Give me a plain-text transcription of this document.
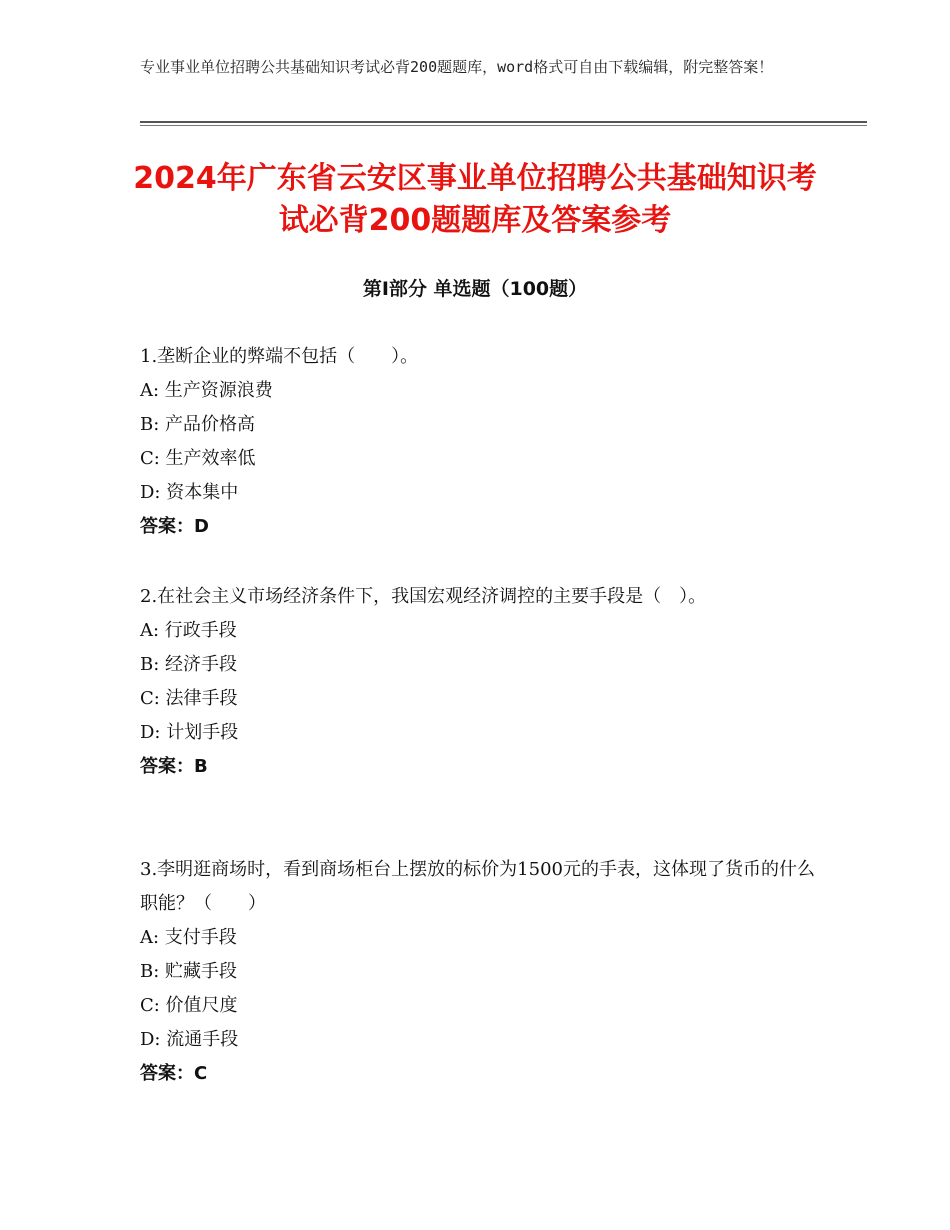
专业事业单位招聘公共基础知识考试必背200题题库，word格式可自由下载编辑，附完整答案！
2024年广东省云安区事业单位招聘公共基础知识考试必背200题题库及答案参考
第Ⅰ部分 单选题（100题）

1.垄断企业的弊端不包括（　　）。

A: 生产资源浪费

B: 产品价格高

C: 生产效率低

D: 资本集中

答案：D

2.在社会主义市场经济条件下，我国宏观经济调控的主要手段是（　）。

A: 行政手段

B: 经济手段

C: 法律手段

D: 计划手段

答案：B

3.李明逛商场时，看到商场柜台上摆放的标价为1500元的手表，这体现了货币的什么职能？（　　）

A: 支付手段

B: 贮藏手段

C: 价值尺度

D: 流通手段

答案：C
